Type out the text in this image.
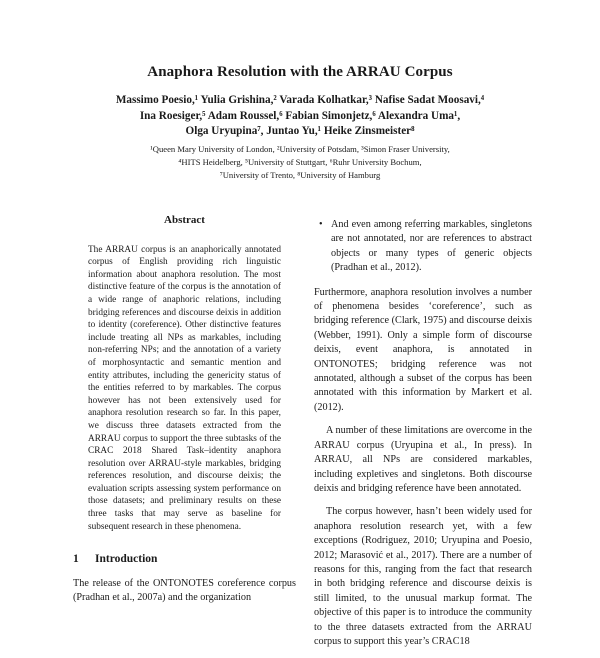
Anaphora Resolution with the ARRAU Corpus
Massimo Poesio,¹ Yulia Grishina,² Varada Kolhatkar,³ Nafise Sadat Moosavi,⁴
Ina Roesiger,⁵ Adam Roussel,⁶ Fabian Simonjetz,⁶ Alexandra Uma¹,
Olga Uryupina⁷, Juntao Yu,¹ Heike Zinsmeister⁸
¹Queen Mary University of London, ²University of Potsdam, ³Simon Fraser University,
⁴HITS Heidelberg, ⁵University of Stuttgart, ⁶Ruhr University Bochum,
⁷University of Trento, ⁸University of Hamburg
Abstract

The ARRAU corpus is an anaphorically annotated corpus of English providing rich linguistic information about anaphora resolution. The most distinctive feature of the corpus is the annotation of a wide range of anaphoric relations, including bridging references and discourse deixis in addition to identity (coreference). Other distinctive features include treating all NPs as markables, including non-referring NPs; and the annotation of a variety of morphosyntactic and semantic mention and entity attributes, including the genericity status of the entities referred to by markables. The corpus however has not been extensively used for anaphora resolution research so far. In this paper, we discuss three datasets extracted from the ARRAU corpus to support the three subtasks of the CRAC 2018 Shared Task–identity anaphora resolution over ARRAU-style markables, bridging references resolution, and discourse deixis; the evaluation scripts assessing system performance on those datasets; and preliminary results on these three tasks that may serve as baseline for subsequent research in these phenomena.

1 Introduction
The release of the ONTONOTES coreference corpus (Pradhan et al., 2007a) and the organization
• And even among referring markables, singletons are not annotated, nor are references to abstract objects or many types of generic objects (Pradhan et al., 2012).

Furthermore, anaphora resolution involves a number of phenomena besides ‘coreference’, such as bridging reference (Clark, 1975) and discourse deixis (Webber, 1991). Only a simple form of discourse deixis, event anaphora, is annotated in ONTONOTES; bridging reference was not annotated, although a subset of the corpus has been annotated with this information by Markert et al. (2012).

A number of these limitations are overcome in the ARRAU corpus (Uryupina et al., In press). In ARRAU, all NPs are considered markables, including expletives and singletons. Both discourse deixis and bridging reference have been annotated.

The corpus however, hasn’t been widely used for anaphora resolution research yet, with a few exceptions (Rodriguez, 2010; Uryupina and Poesio, 2012; Marasović et al., 2017). There are a number of reasons for this, ranging from the fact that research in both bridging reference and discourse deixis is still limited, to the unusual markup format. The objective of this paper is to introduce the community to the three datasets extracted from the ARRAU corpus to support this year’s CRAC18
